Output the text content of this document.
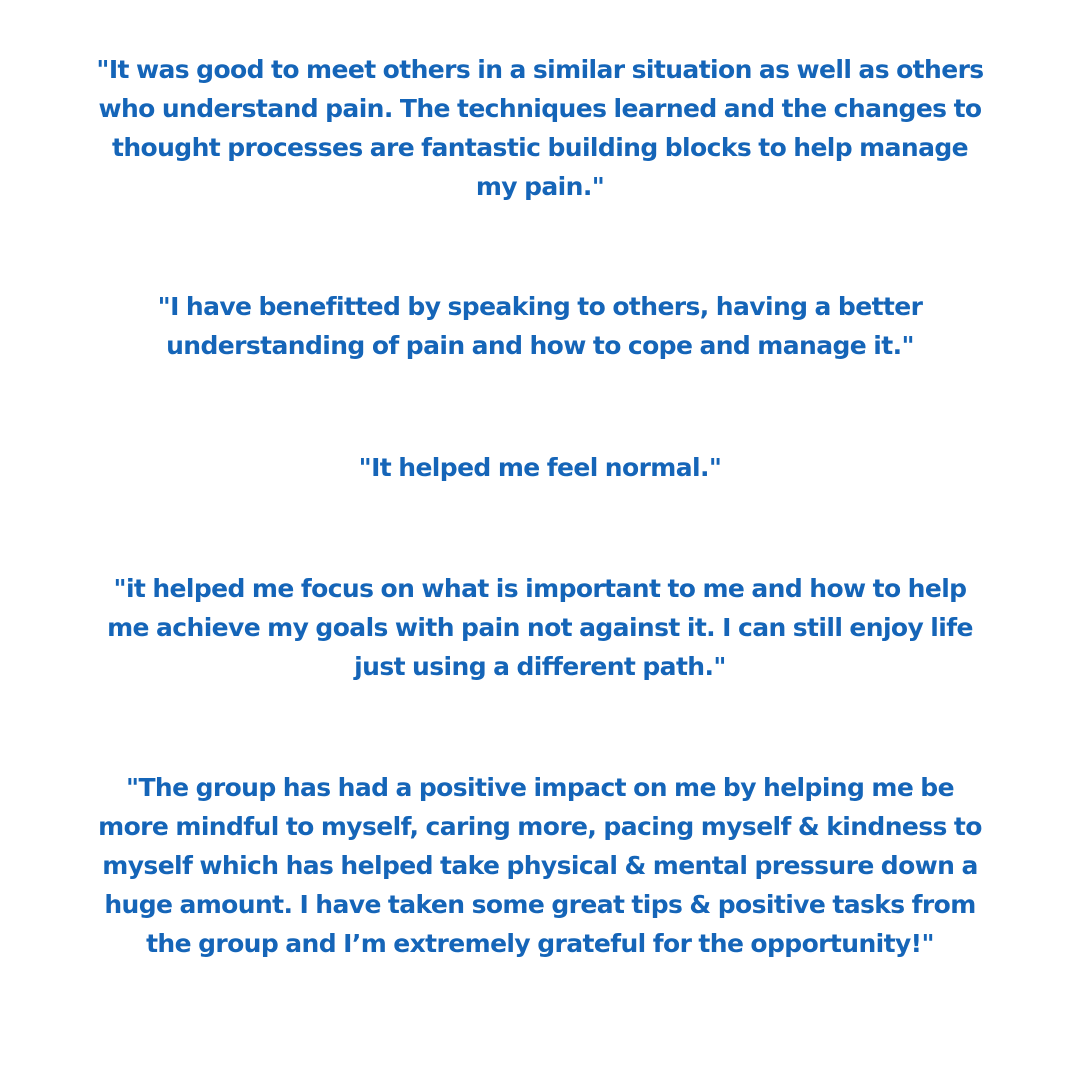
"It was good to meet others in a similar situation as well as others who understand pain. The techniques learned and the changes to thought processes are fantastic building blocks to help manage my pain."

"I have benefitted by speaking to others, having a better understanding of pain and how to cope and manage it."

"It helped me feel normal."

"it helped me focus on what is important to me and how to help me achieve my goals with pain not against it. I can still enjoy life just using a different path."

"The group has had a positive impact on me by helping me be more mindful to myself, caring more, pacing myself & kindness to myself which has helped take physical & mental pressure down a huge amount. I have taken some great tips & positive tasks from the group and I’m extremely grateful for the opportunity!"
